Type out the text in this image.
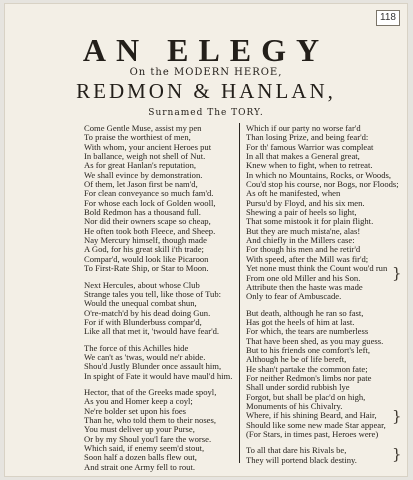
118
AN ELEGY
On the MODERN HEROE,
REDMON & HANLAN,
Surnamed The TORY.
Come Gentle Muse, assist my pen
To praise the worthiest of men,
With whom, your ancient Heroes put
In ballance, weigh not shell of Nut.
As for great Hanlan's reputation,
We shall evince by demonstration.
Of them, let Jason first be nam'd,
For clean conveyance so much fam'd.
For whose each lock of Golden wooll,
Bold Redmon has a thousand full.
Nor did their owners scape so cheap,
He often took both Fleece, and Sheep.
Nay Mercury himself, though made
A God, for his great skill i'th trade;
Compar'd, would look like Picaroon
To First-Rate Ship, or Star to Moon.
Next Hercules, about whose Club
Strange tales you tell, like those of Tub:
Would the unequal combat shun,
O're-match'd by his dead doing Gun.
For if with Blunderbuss compar'd,
Like all that met it, 'twould have fear'd.
The force of this Achilles hide
We can't as 'twas, would ne'r abide.
Shou'd Justly Blunder once assault him,
In spight of Fate it would have maul'd him.
Hector, that of the Greeks made spoyl,
As you and Homer keep a coyl;
Ne're bolder set upon his foes
Than he, who told them to their noses,
You must deliver up your Purse,
Or by my Shoul you'l fare the worse.
Which said, if enemy seem'd stout,
Soon half a dozen balls flew out,
And strait one Army fell to rout.
Which if our party no worse far'd
Than losing Prize, and being fear'd:
For th' famous Warrior was compleat
In all that makes a General great,
Knew when to fight, when to retreat.
In which no Mountains, Rocks, or Woods,
Cou'd stop his course, nor Bogs, nor Floods;
As oft he manifested, when
Pursu'd by Floyd, and his six men.
Shewing a pair of heels so light,
That some mistook it for plain flight.
But they are much mista'ne, alas!
And chiefly in the Millers case:
For though his men and he retir'd
With speed, after the Mill was fir'd;
Yet none must think the Count wou'd run
From one old Miller and his Son.
Attribute then the haste was made
Only to fear of Ambuscade.
But death, although he ran so fast,
Has got the heels of him at last.
For which, the tears are numberless
That have been shed, as you may guess.
But to his friends one comfort's left,
Although he be of life bereft,
He shan't partake the common fate;
For neither Redmon's limbs nor pate
Shall under sordid rubbish lye
Forgot, but shall be plac'd on high,
Monuments of his Chivalry.
Where, if his shining Beard, and Hair,
Should like some new made Star appear,
(For Stars, in times past, Heroes were)
To all that dare his Rivals be,
They will portend black destiny.
}
}
}
